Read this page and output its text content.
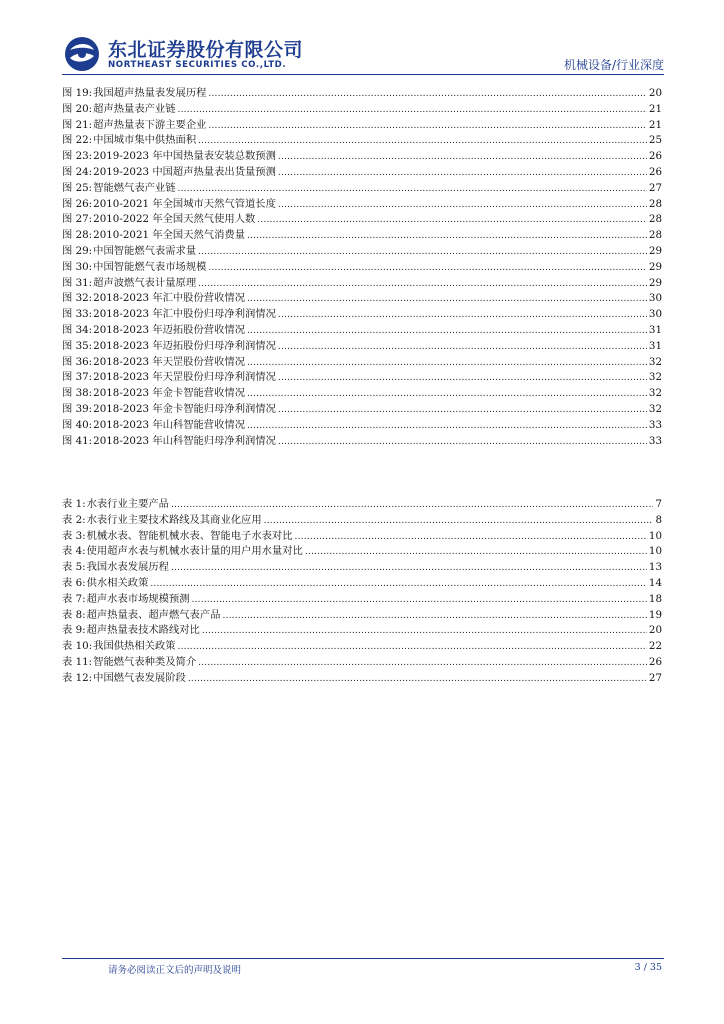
东北证券股份有限公司
NORTHEAST SECURITIES CO.,LTD.	机械设备/行业深度
图 19: 我国超声热量表发展历程 .....	20
图 20: 超声热量表产业链 .....	21
图 21: 超声热量表下游主要企业 .....	21
图 22: 中国城市集中供热面积 .....	25
图 23: 2019-2023 年中国热量表安装总数预测 .....	26
图 24: 2019-2023 中国超声热量表出货量预测 .....	26
图 25: 智能燃气表产业链 .....	27
图 26: 2010-2021 年全国城市天然气管道长度 .....	28
图 27: 2010-2022 年全国天然气使用人数 .....	28
图 28: 2010-2021 年全国天然气消费量 .....	28
图 29: 中国智能燃气表需求量 .....	29
图 30: 中国智能燃气表市场规模 .....	29
图 31: 超声波燃气表计量原理 .....	29
图 32: 2018-2023 年汇中股份营收情况 .....	30
图 33: 2018-2023 年汇中股份归母净利润情况 .....	30
图 34: 2018-2023 年迈拓股份营收情况 .....	31
图 35: 2018-2023 年迈拓股份归母净利润情况 .....	31
图 36: 2018-2023 年天罡股份营收情况 .....	32
图 37: 2018-2023 年天罡股份归母净利润情况 .....	32
图 38: 2018-2023 年金卡智能营收情况 .....	32
图 39: 2018-2023 年金卡智能归母净利润情况 .....	32
图 40: 2018-2023 年山科智能营收情况 .....	33
图 41: 2018-2023 年山科智能归母净利润情况 .....	33
表 1: 水表行业主要产品 .....	7
表 2: 水表行业主要技术路线及其商业化应用 .....	8
表 3: 机械水表、智能机械水表、智能电子水表对比 .....	10
表 4: 使用超声水表与机械水表计量的用户用水量对比 .....	10
表 5: 我国水表发展历程 .....	13
表 6: 供水相关政策 .....	14
表 7: 超声水表市场规模预测 .....	18
表 8: 超声热量表、超声燃气表产品 .....	19
表 9: 超声热量表技术路线对比 .....	20
表 10: 我国供热相关政策 .....	22
表 11: 智能燃气表种类及简介 .....	26
表 12: 中国燃气表发展阶段 .....	27
请务必阅读正文后的声明及说明	3 / 35
